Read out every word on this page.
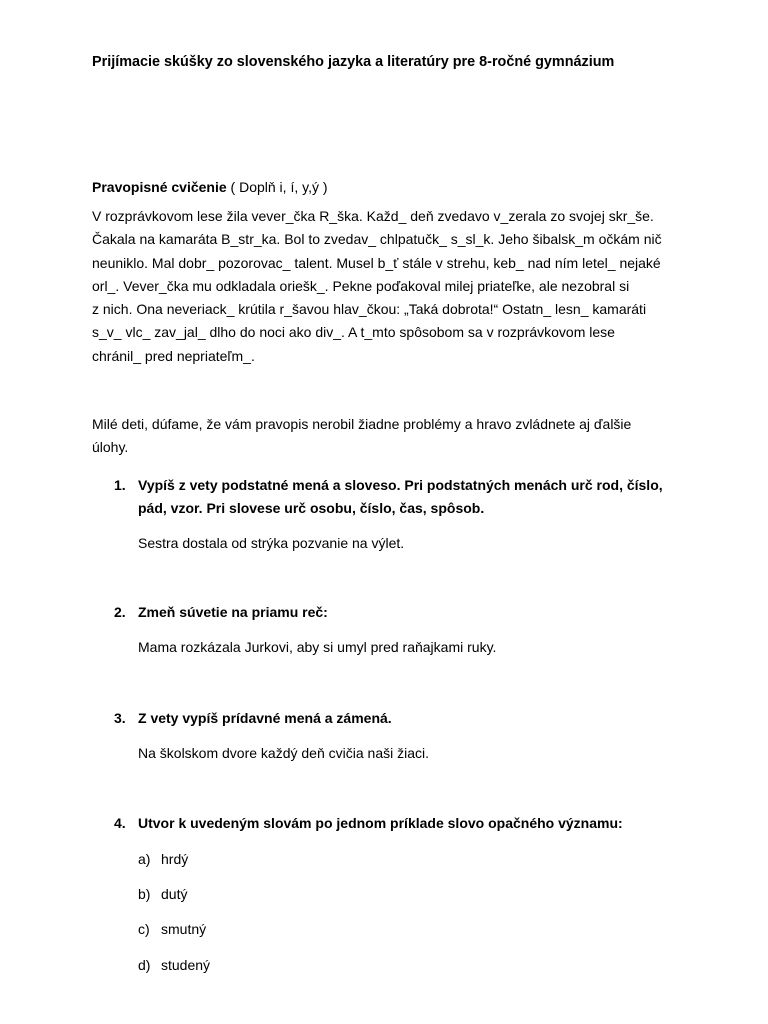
Prijímacie skúšky zo slovenského jazyka a literatúry pre 8-ročné gymnázium
Pravopisné cvičenie ( Doplň i, í, y,ý )
V rozprávkovom lese žila vever_čka R_ška. Každ_ deň zvedavo v_zerala zo svojej skr_še.
Čakala na kamaráta B_str_ka. Bol to zvedav_ chlpatučk_ s_sl_k. Jeho šibalsk_m očkám nič
neuniklo. Mal dobr_ pozorovac_ talent. Musel b_ť stále v strehu, keb_ nad ním letel_ nejaké
orl_. Vever_čka mu odkladala oriešk_. Pekne poďakoval milej priateľke, ale nezobral si
z nich. Ona neveriack_ krútila r_šavou hlav_čkou: „Taká dobrota!“ Ostatn_ lesn_ kamaráti
s_v_ vlc_ zav_jal_ dlho do noci ako div_. A t_mto spôsobom sa v rozprávkovom lese
chránil_ pred nepriateľm_.
Milé deti, dúfame, že vám pravopis nerobil žiadne problémy a hravo zvládnete aj ďalšie
úlohy.
1. Vypíš z vety podstatné mená a sloveso. Pri podstatných menách urč rod, číslo,
pád, vzor. Pri slovese urč osobu, číslo, čas, spôsob.
Sestra dostala od strýka pozvanie na výlet.
2. Zmeň súvetie na priamu reč:
Mama rozkázala Jurkovi, aby si umyl pred raňajkami ruky.
3. Z vety vypíš prídavné mená a zámená.
Na školskom dvore každý deň cvičia naši žiaci.
4. Utvor k uvedeným slovám po jednom príklade slovo opačného významu:
a) hrdý
b) dutý
c) smutný
d) studený
